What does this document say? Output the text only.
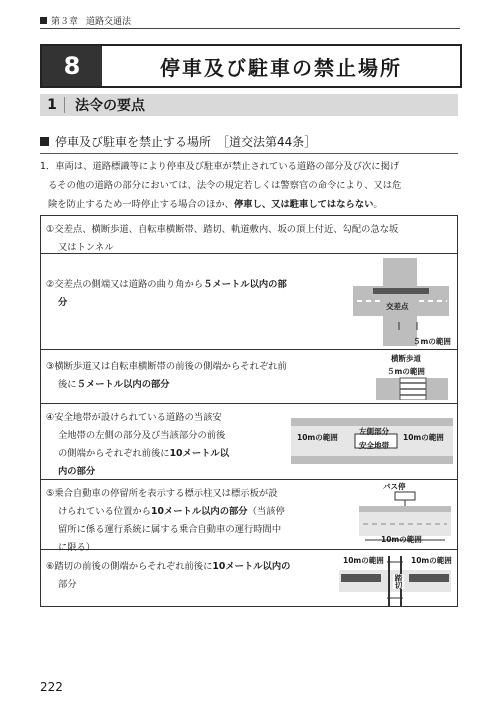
第３章 道路交通法
8	停車及び駐車の禁止場所
1	法令の要点
停車及び駐車を禁止する場所 ［道交法第44条］
1．車両は、道路標識等により停車及び駐車が禁止されている道路の部分及び次に掲げ
るその他の道路の部分においては、法令の規定若しくは警察官の命令により、又は危
険を防止するため一時停止する場合のほか、停車し、又は駐車してはならない。
①交差点、横断歩道、自転車横断帯、踏切、軌道敷内、坂の頂上付近、勾配の急な坂
又はトンネル
②交差点の側端又は道路の曲り角から５メートル以内の部
分	交差点
５mの範囲
③横断歩道又は自転車横断帯の前後の側端からそれぞれ前
後に５メートル以内の部分
横断歩道
５mの範囲
④安全地帯が設けられている道路の当該安
全地帯の左側の部分及び当該部分の前後
の側端からそれぞれ前後に10メートル以
内の部分
10mの範囲
左側部分
安全地帯
10mの範囲
⑤乗合自動車の停留所を表示する標示柱又は標示板が設
けられている位置から10メートル以内の部分（当該停
留所に係る運行系統に属する乗合自動車の運行時間中
に限る）
バス停
10mの範囲
⑥踏切の前後の側端からそれぞれ前後に10メートル以内の
部分
10mの範囲	10mの範囲
踏切
222
